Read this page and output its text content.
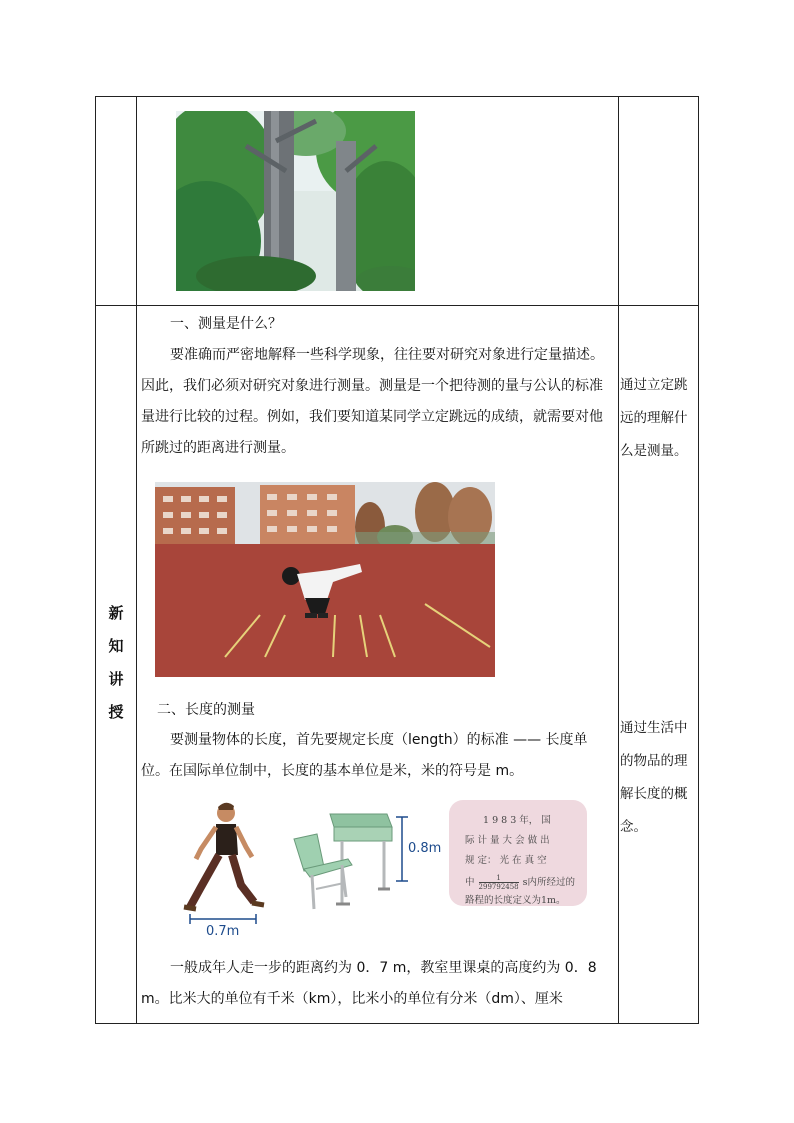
新
知
讲
授
一、测量是什么？
要准确而严密地解释一些科学现象，往往要对研究对象进行定量描述。
因此，我们必须对研究对象进行测量。测量是一个把待测的量与公认的标准
量进行比较的过程。例如，我们要知道某同学立定跳远的成绩，就需要对他
所跳过的距离进行测量。
二、长度的测量
要测量物体的长度，首先要规定长度（length）的标准 —— 长度单
位。在国际单位制中，长度的基本单位是米，米的符号是 m。
0.7m
0.8m
1 9 8 3 年， 国
际 计 量 大 会 做 出
规 定： 光 在 真 空
中 $\frac{1}{299792458}$ s内所经过的
路程的长度定义为1m。
一般成年人走一步的距离约为 0．7 m，教室里课桌的高度约为 0．8
m。比米大的单位有千米（km），比米小的单位有分米（dm）、厘米
通过立定跳
远的理解什
么是测量。
通过生活中
的物品的理
解长度的概
念。
